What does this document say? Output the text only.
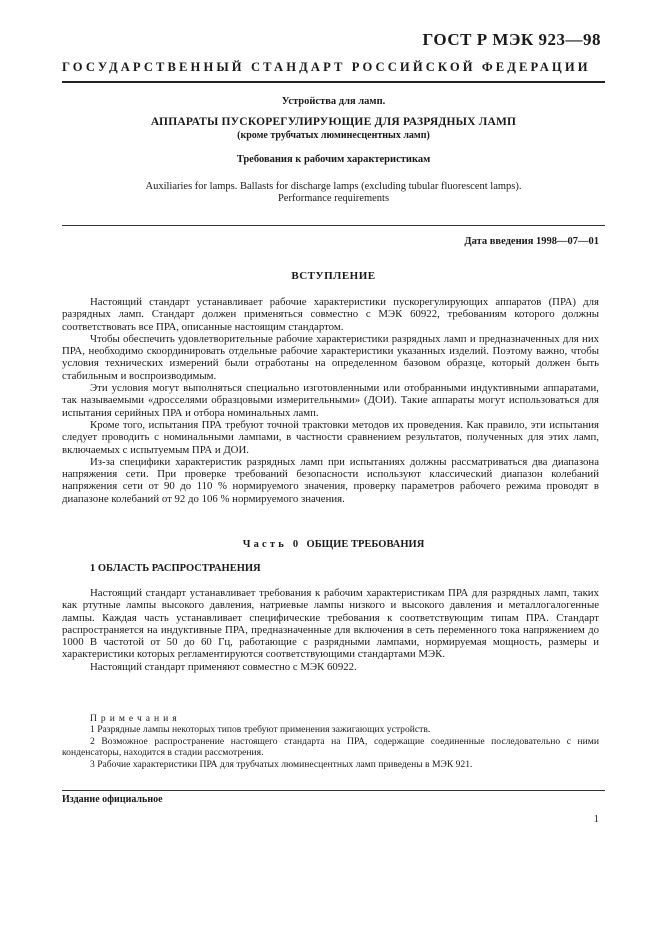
ГОСТ Р МЭК 923—98
ГОСУДАРСТВЕННЫЙ СТАНДАРТ РОССИЙСКОЙ ФЕДЕРАЦИИ
Устройства для ламп.
АППАРАТЫ ПУСКОРЕГУЛИРУЮЩИЕ ДЛЯ РАЗРЯДНЫХ ЛАМП
(кроме трубчатых люминесцентных ламп)
Требования к рабочим характеристикам
Auxiliaries for lamps. Ballasts for discharge lamps (excluding tubular fluorescent lamps).
Performance requirements
Дата введения 1998—07—01
ВСТУПЛЕНИЕ

Настоящий стандарт устанавливает рабочие характеристики пускорегулирующих аппаратов (ПРА) для разрядных ламп. Стандарт должен применяться совместно с МЭК 60922, требованиям которого должны соответствовать все ПРА, описанные настоящим стандартом.

Чтобы обеспечить удовлетворительные рабочие характеристики разрядных ламп и предназначенных для них ПРА, необходимо скоординировать отдельные рабочие характеристики указанных изделий. Поэтому важно, чтобы условия технических измерений были отработаны на определенном базовом образце, который должен быть стабильным и воспроизводимым.

Эти условия могут выполняться специально изготовленными или отобранными индуктивными аппаратами, так называемыми «дросселями образцовыми измерительными» (ДОИ). Такие аппараты могут использоваться для испытания серийных ПРА и отбора номинальных ламп.

Кроме того, испытания ПРА требуют точной трактовки методов их проведения. Как правило, эти испытания следует проводить с номинальными лампами, в частности сравнением результатов, полученных для этих ламп, включаемых с испытуемым ПРА и ДОИ.

Из-за специфики характеристик разрядных ламп при испытаниях должны рассматриваться два диапазона напряжения сети. При проверке требований безопасности используют классический диапазон колебаний напряжения сети от 90 до 110 % нормируемого значения, проверку параметров рабочего режима проводят в диапазоне колебаний от 92 до 106 % нормируемого значения.

Часть 0 ОБЩИЕ ТРЕБОВАНИЯ
1 ОБЛАСТЬ РАСПРОСТРАНЕНИЯ

Настоящий стандарт устанавливает требования к рабочим характеристикам ПРА для разрядных ламп, таких как ртутные лампы высокого давления, натриевые лампы низкого и высокого давления и металлогалогенные лампы. Каждая часть устанавливает специфические требования к соответствующим типам ПРА. Стандарт распространяется на индуктивные ПРА, предназначенные для включения в сеть переменного тока напряжением до 1000 В частотой от 50 до 60 Гц, работающие с разрядными лампами, нормируемая мощность, размеры и характеристики которых регламентируются соответствующими стандартами МЭК.

Настоящий стандарт применяют совместно с МЭК 60922.

Примечания

1 Разрядные лампы некоторых типов требуют применения зажигающих устройств.

2 Возможное распространение настоящего стандарта на ПРА, содержащие соединенные последовательно с ними конденсаторы, находится в стадии рассмотрения.

3 Рабочие характеристики ПРА для трубчатых люминесцентных ламп приведены в МЭК 921.

Издание официальное
1
